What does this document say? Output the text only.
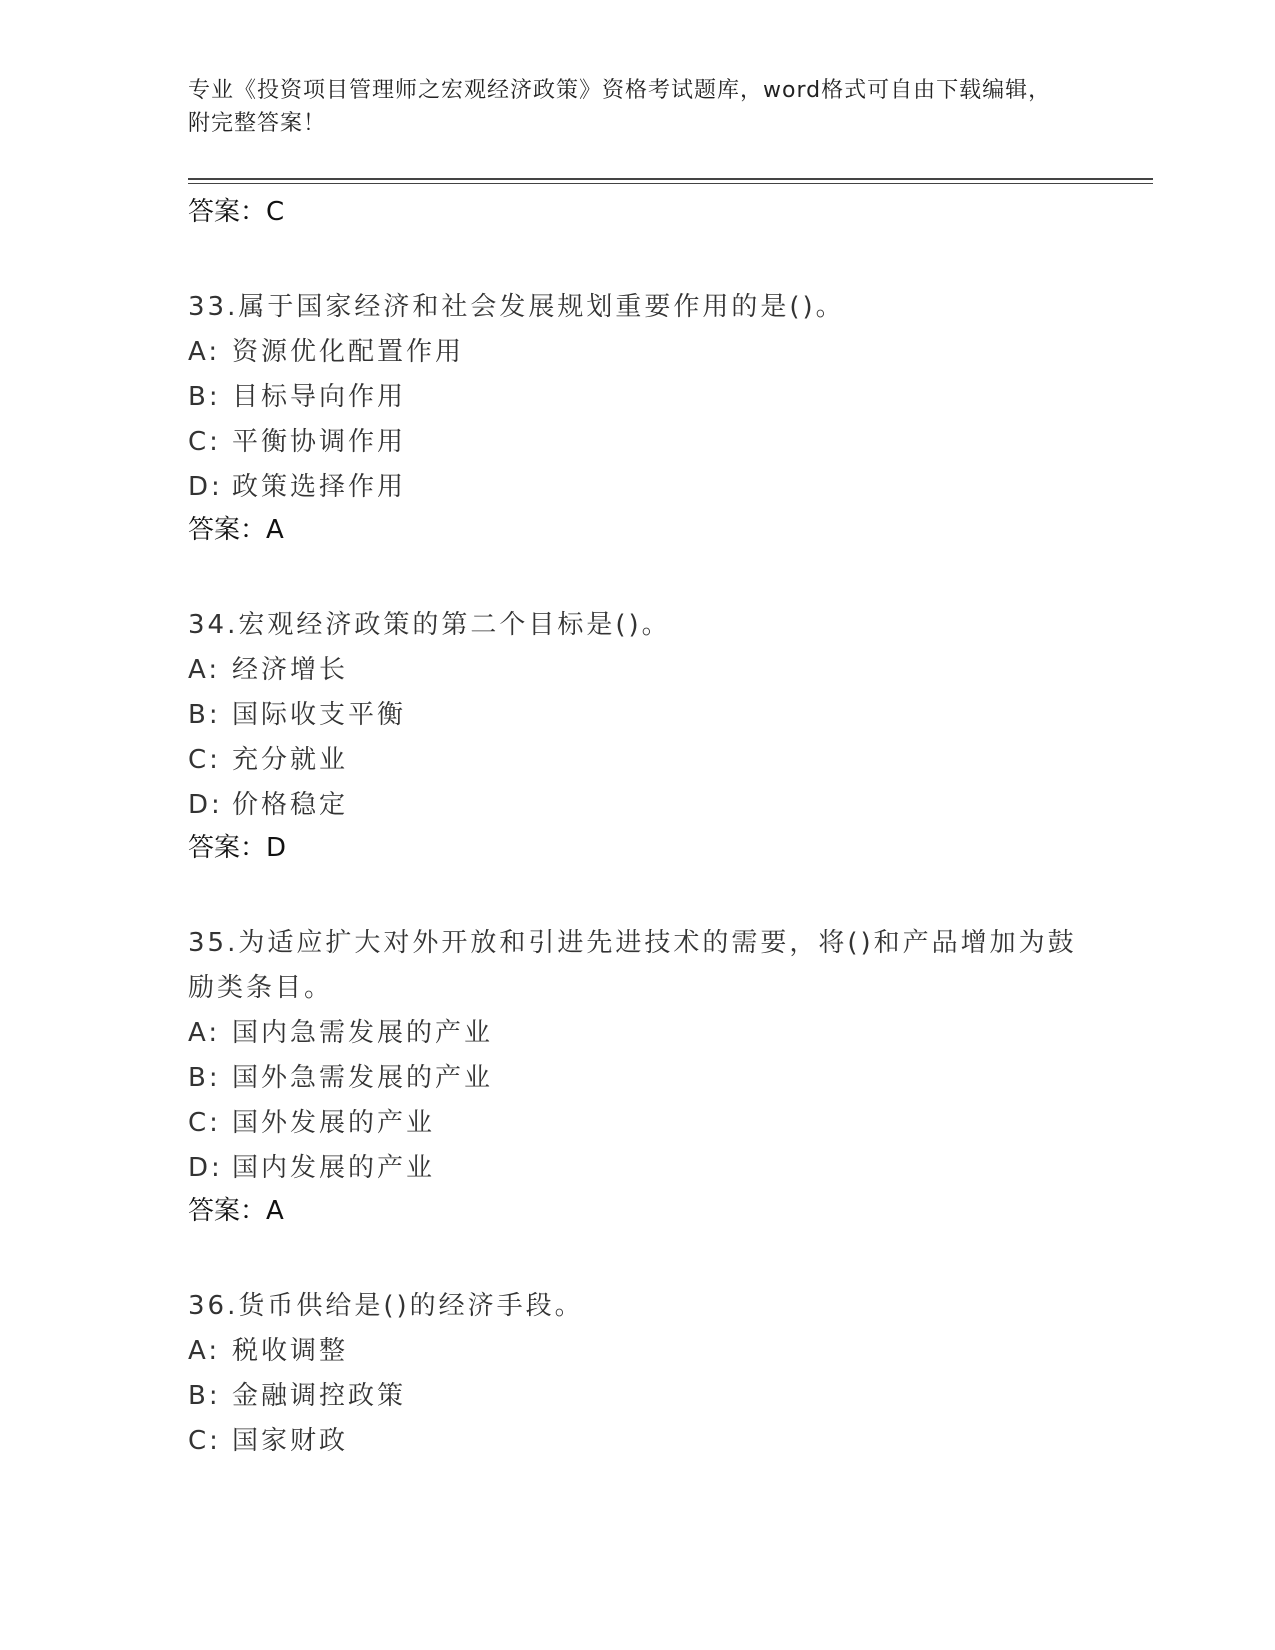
专业《投资项目管理师之宏观经济政策》资格考试题库，word格式可自由下载编辑，附完整答案！
答案：C
33.属于国家经济和社会发展规划重要作用的是()。
A: 资源优化配置作用
B: 目标导向作用
C: 平衡协调作用
D: 政策选择作用
答案：A
34.宏观经济政策的第二个目标是()。
A: 经济增长
B: 国际收支平衡
C: 充分就业
D: 价格稳定
答案：D
35.为适应扩大对外开放和引进先进技术的需要，将()和产品增加为鼓励类条目。
A: 国内急需发展的产业
B: 国外急需发展的产业
C: 国外发展的产业
D: 国内发展的产业
答案：A
36.货币供给是()的经济手段。
A: 税收调整
B: 金融调控政策
C: 国家财政
